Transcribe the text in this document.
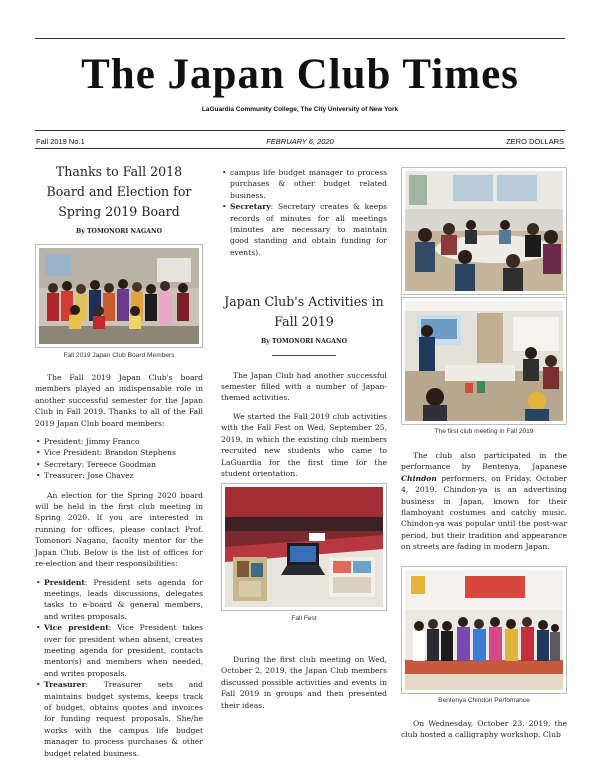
The Japan Club Times
LaGuardia Community College, The City University of New York
Fall 2019 No.1	FEBRUARY 6, 2020	ZERO DOLLARS
Thanks to Fall 2018 Board and Election for Spring 2019 Board
By TOMONORI NAGANO
Fall 2019 Japan Club Board Members

The Fall 2019 Japan Club's board members played an indispensable role in another successful semester for the Japan Club in Fall 2019. Thanks to all of the Fall 2019 Japan Club board members:

• President: Jimmy Franco
• Vice President: Brandon Stephens
• Secretary: Tereece Goodman
• Treasurer: Jose Chavez

An election for the Spring 2020 board will be held in the first club meeting in Spring 2020. If you are interested in running for offices, please contact Prof. Tomonori Nagano, faculty mentor for the Japan Club. Below is the list of offices for re-election and their responsibilities:

• President: President sets agenda for meetings, leads discussions, delegates tasks to e-board & general members, and writes proposals.
• Vice president: Vice President takes over for president when absent, creates meeting agenda for president, contacts mentor(s) and members when needed, and writes proposals.
• Treasurer: Treasurer sets and maintains budget systems, keeps track of budget, obtains quotes and invoices for funding request proposals. She/he works with the campus life budget manager to process purchases & other budget related business.
• campus life budget manager to process purchases & other budget related business.
• Secretary: Secretary creates & keeps records of minutes for all meetings (minutes are necessary to maintain good standing and obtain funding for events).
Japan Club's Activities in Fall 2019
By TOMONORI NAGANO

The Japan Club had another successful semester filled with a number of Japan-themed activities.

We started the Fall 2019 club activities with the Fall Fest on Wed, September 25, 2019, in which the existing club members recruited new students who came to LaGuardia for the first time for the student orientation.

Fall Fest

During the first club meeting on Wed, October 2, 2019, the Japan Club members discussed possible activities and events in Fall 2019 in groups and then presented their ideas.

The first club meeting in Fall 2019

The club also participated in the performance by Bentenya, Japanese Chindon performers, on Friday, October 4, 2019. Chindon-ya is an advertising business in Japan, known for their flamboyant costumes and catchy music. Chindon-ya was popular until the post-war period, but their tradition and appearance on streets are fading in modern Japan.

Bentenya Chindon Perfomance

On Wednesday, October 23, 2019, the club hosted a calligraphy workshop. Club
